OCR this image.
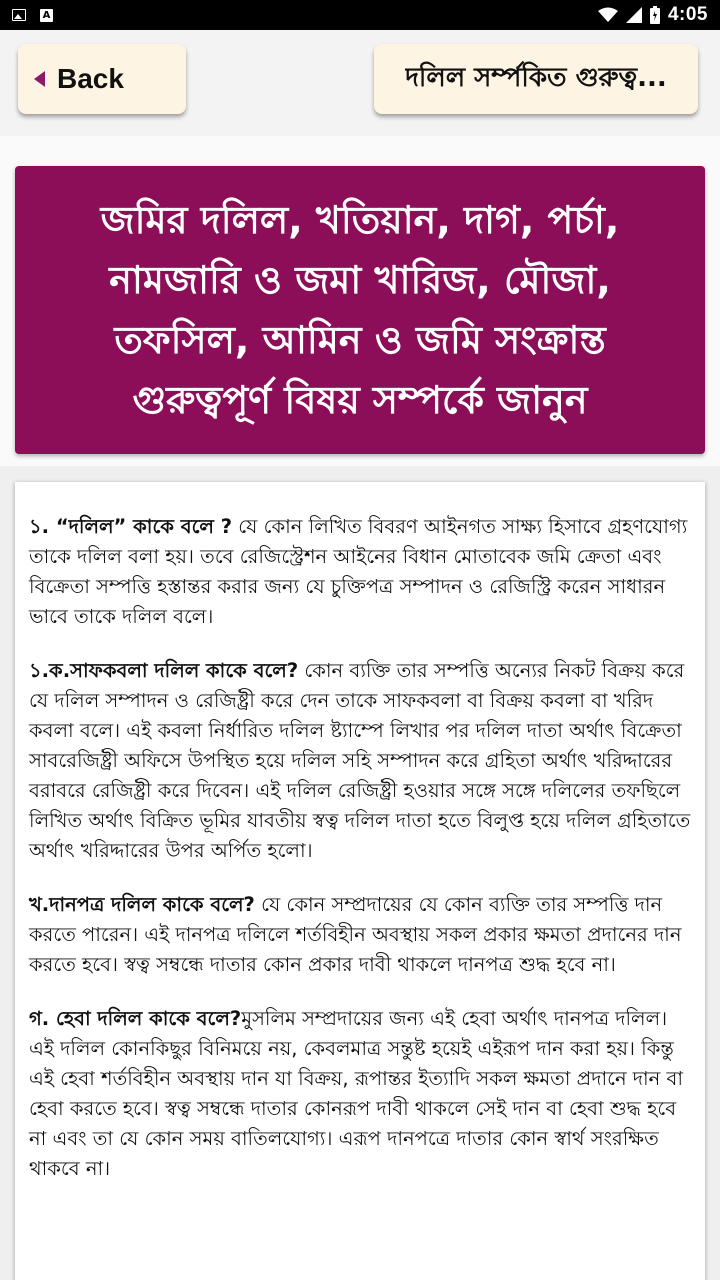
A	4:05
Back	দলিল সর্ম্পকিত গুরুত্ব...
জমির দলিল, খতিয়ান, দাগ, পর্চা, নামজারি ও জমা খারিজ, মৌজা, তফসিল, আমিন ও জমি সংক্রান্ত গুরুত্বপূর্ণ বিষয় সম্পর্কে জানুন

১. “দলিল” কাকে বলে ? যে কোন লিখিত বিবরণ আইনগত সাক্ষ্য হিসাবে গ্রহণযোগ্য তাকে দলিল বলা হয়। তবে রেজিস্ট্রেশন আইনের বিধান মোতাবেক জমি ক্রেতা এবং বিক্রেতা সম্পত্তি হস্তান্তর করার জন্য যে চুক্তিপত্র সম্পাদন ও রেজিস্ট্রি করেন সাধারন ভাবে তাকে দলিল বলে।

১.ক.সাফকবলা দলিল কাকে বলে? কোন ব্যক্তি তার সম্পত্তি অন্যের নিকট বিক্রয় করে যে দলিল সম্পাদন ও রেজিষ্ট্রী করে দেন তাকে সাফকবলা বা বিক্রয় কবলা বা খরিদ কবলা বলে। এই কবলা নির্ধারিত দলিল ষ্ট্যাম্পে লিখার পর দলিল দাতা অর্থাৎ বিক্রেতা সাবরেজিষ্ট্রী অফিসে উপস্থিত হয়ে দলিল সহি সম্পাদন করে গ্রহিতা অর্থাৎ খরিদ্দারের বরাবরে রেজিষ্ট্রী করে দিবেন। এই দলিল রেজিষ্ট্রী হওয়ার সঙ্গে সঙ্গে দলিলের তফছিলে লিখিত অর্থাৎ বিক্রিত ভূমির যাবতীয় স্বত্ব দলিল দাতা হতে বিলুপ্ত হয়ে দলিল গ্রহিতাতে অর্থাৎ খরিদ্দারের উপর অর্পিত হলো।

খ.দানপত্র দলিল কাকে বলে? যে কোন সম্প্রদায়ের যে কোন ব্যক্তি তার সম্পত্তি দান করতে পারেন। এই দানপত্র দলিলে শর্তবিহীন অবস্থায় সকল প্রকার ক্ষমতা প্রদানের দান করতে হবে। স্বত্ব সম্বন্ধে দাতার কোন প্রকার দাবী থাকলে দানপত্র শুদ্ধ হবে না।

গ. হেবা দলিল কাকে বলে?মুসলিম সম্প্রদায়ের জন্য এই হেবা অর্থাৎ দানপত্র দলিল। এই দলিল কোনকিছুর বিনিময়ে নয়, কেবলমাত্র সন্তুষ্ট হয়েই এইরূপ দান করা হয়। কিন্তু এই হেবা শর্তবিহীন অবস্থায় দান যা বিক্রয়, রূপান্তর ইত্যাদি সকল ক্ষমতা প্রদানে দান বা হেবা করতে হবে। স্বত্ব সম্বন্ধে দাতার কোনরূপ দাবী থাকলে সেই দান বা হেবা শুদ্ধ হবে না এবং তা যে কোন সময় বাতিলযোগ্য। এরূপ দানপত্রে দাতার কোন স্বার্থ সংরক্ষিত থাকবে না।
